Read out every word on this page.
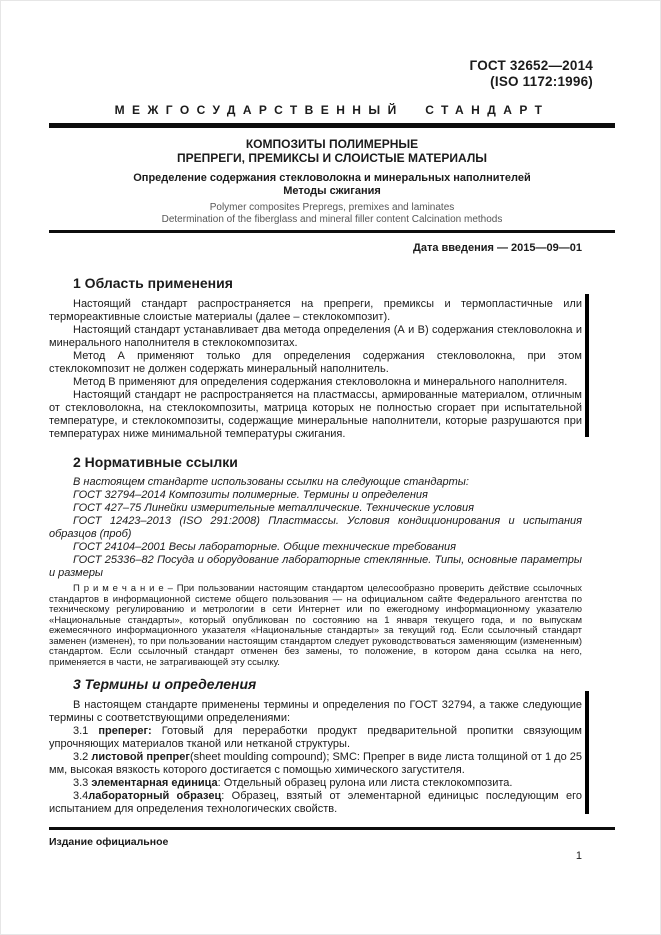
ГОСТ 32652—2014
(ISO 1172:1996)
МЕЖГОСУДАРСТВЕННЫЙ СТАНДАРТ
КОМПОЗИТЫ ПОЛИМЕРНЫЕ
ПРЕПРЕГИ, ПРЕМИКСЫ И СЛОИСТЫЕ МАТЕРИАЛЫ
Определение содержания стекловолокна и минеральных наполнителей
Методы сжигания
Polymer composites Prepregs, premixes and laminates
Determination of the fiberglass and mineral filler content Calcination methods
Дата введения — 2015—09—01
1 Область применения

Настоящий стандарт распространяется на препреги, премиксы и термопластичные или термореактивные слоистые материалы (далее – стеклокомпозит).

Настоящий стандарт устанавливает два метода определения (А и В) содержания стекловолокна и минерального наполнителя в стеклокомпозитах.

Метод А применяют только для определения содержания стекловолокна, при этом стеклокомпозит не должен содержать минеральный наполнитель.

Метод В применяют для определения содержания стекловолокна и минерального наполнителя.

Настоящий стандарт не распространяется на пластмассы, армированные материалом, отличным от стекловолокна, на стеклокомпозиты, матрица которых не полностью сгорает при испытательной температуре, и стеклокомпозиты, содержащие минеральные наполнители, которые разрушаются при температурах ниже минимальной температуры сжигания.

2 Нормативные ссылки

В настоящем стандарте использованы ссылки на следующие стандарты:

ГОСТ 32794–2014 Композиты полимерные. Термины и определения

ГОСТ 427–75 Линейки измерительные металлические. Технические условия

ГОСТ 12423–2013 (ISO 291:2008) Пластмассы. Условия кондиционирования и испытания образцов (проб)

ГОСТ 24104–2001 Весы лабораторные. Общие технические требования

ГОСТ 25336–82 Посуда и оборудование лабораторные стеклянные. Типы, основные параметры и размеры

П р и м е ч а н и е – При пользовании настоящим стандартом целесообразно проверить действие ссылочных стандартов в информационной системе общего пользования — на официальном сайте Федерального агентства по техническому регулированию и метрологии в сети Интернет или по ежегодному информационному указателю «Национальные стандарты», который опубликован по состоянию на 1 января текущего года, и по выпускам ежемесячного информационного указателя «Национальные стандарты» за текущий год. Если ссылочный стандарт заменен (изменен), то при пользовании настоящим стандартом следует руководствоваться заменяющим (измененным) стандартом. Если ссылочный стандарт отменен без замены, то положение, в котором дана ссылка на него, применяется в части, не затрагивающей эту ссылку.

3 Термины и определения

В настоящем стандарте применены термины и определения по ГОСТ 32794, а также следующие термины с соответствующими определениями:

3.1 преперег: Готовый для переработки продукт предварительной пропитки связующим упрочняющих материалов тканой или нетканой структуры.

3.2 листовой препрег(sheet moulding compound); SMC: Препрег в виде листа толщиной от 1 до 25 мм, высокая вязкость которого достигается с помощью химического загустителя.

3.3 элементарная единица: Отдельный образец рулона или листа стеклокомпозита.

3.4лабораторный образец: Образец, взятый от элементарной единицыс последующим его испытанием для определения технологических свойств.

Издание официальное
1
